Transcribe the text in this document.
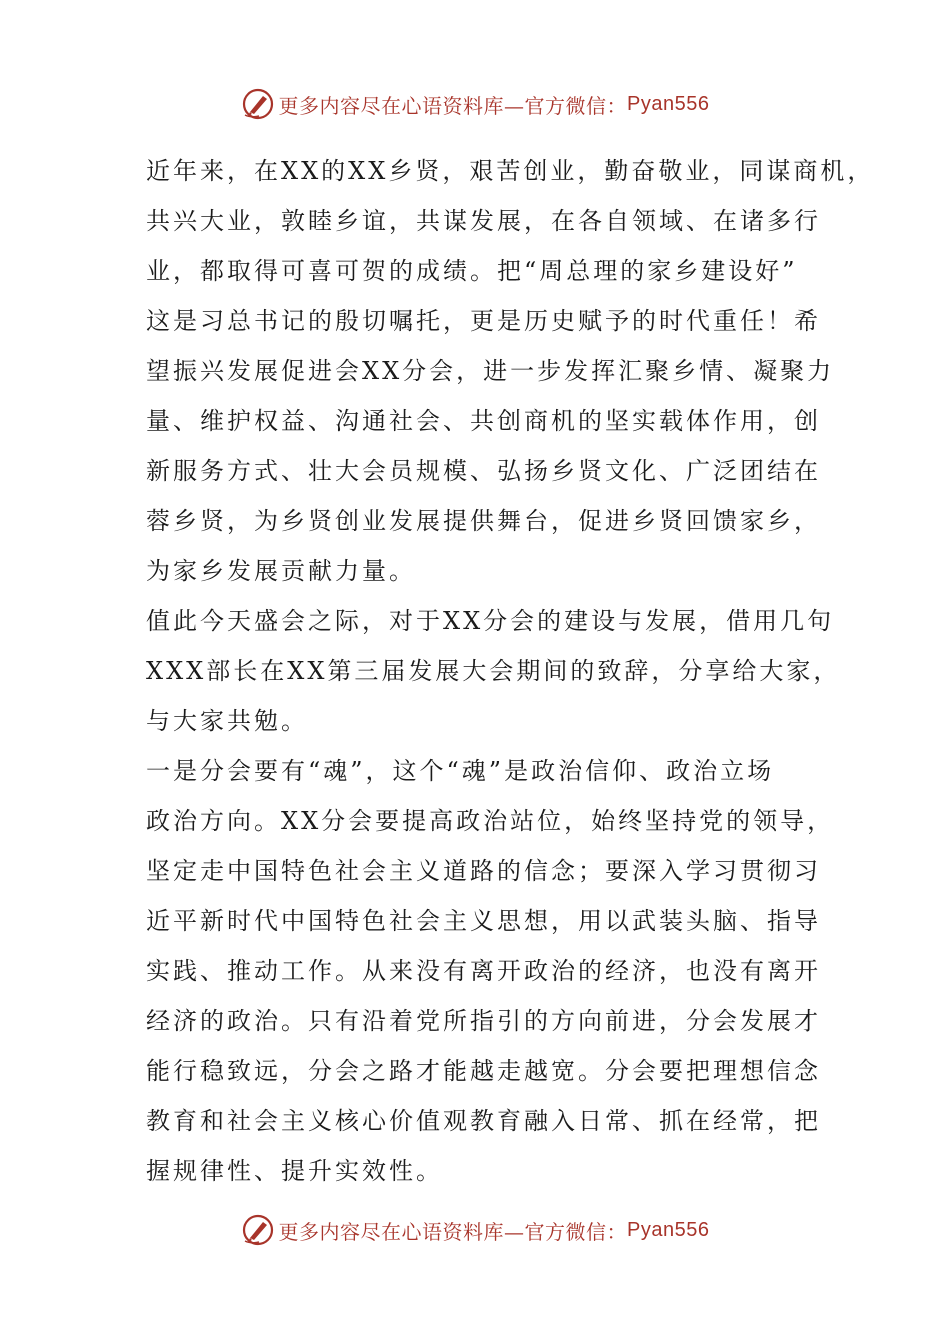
更多内容尽在心语资料库—官方微信： Pyan556
近年来，在XX的XX乡贤，艰苦创业，勤奋敬业，同谋商机，
共兴大业，敦睦乡谊，共谋发展，在各自领域、在诸多行
业，都取得可喜可贺的成绩。把“周总理的家乡建设好”
这是习总书记的殷切嘱托，更是历史赋予的时代重任！希
望振兴发展促进会XX分会，进一步发挥汇聚乡情、凝聚力
量、维护权益、沟通社会、共创商机的坚实载体作用，创
新服务方式、壮大会员规模、弘扬乡贤文化、广泛团结在
蓉乡贤，为乡贤创业发展提供舞台，促进乡贤回馈家乡，
为家乡发展贡献力量。
值此今天盛会之际，对于XX分会的建设与发展，借用几句
XXX部长在XX第三届发展大会期间的致辞，分享给大家，
与大家共勉。
一是分会要有“魂”，这个“魂”是政治信仰、政治立场
政治方向。XX分会要提高政治站位，始终坚持党的领导，
坚定走中国特色社会主义道路的信念；要深入学习贯彻习
近平新时代中国特色社会主义思想，用以武装头脑、指导
实践、推动工作。从来没有离开政治的经济，也没有离开
经济的政治。只有沿着党所指引的方向前进，分会发展才
能行稳致远，分会之路才能越走越宽。分会要把理想信念
教育和社会主义核心价值观教育融入日常、抓在经常，把
握规律性、提升实效性。
更多内容尽在心语资料库—官方微信： Pyan556
